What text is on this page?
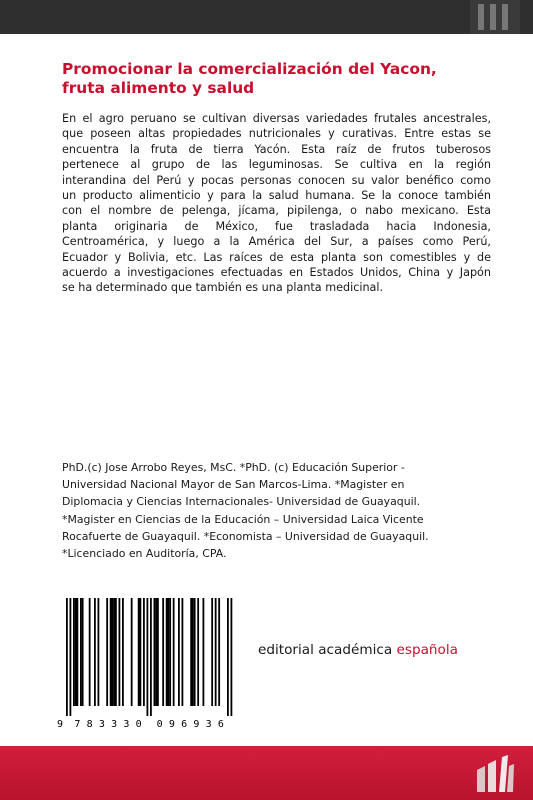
Promocionar la comercialización del Yacon,
fruta alimento y salud
En el agro peruano se cultivan diversas variedades frutales ancestrales,
que poseen altas propiedades nutricionales y curativas. Entre estas se
encuentra la fruta de tierra Yacón. Esta raíz de frutos tuberosos
pertenece al grupo de las leguminosas. Se cultiva en la región
interandina del Perú y pocas personas conocen su valor benéfico como
un producto alimenticio y para la salud humana. Se la conoce también
con el nombre de pelenga, jícama, pipilenga, o nabo mexicano. Esta
planta originaria de México, fue trasladada hacia Indonesia,
Centroamérica, y luego a la América del Sur, a países como Perú,
Ecuador y Bolivia, etc. Las raíces de esta planta son comestibles y de
acuerdo a investigaciones efectuadas en Estados Unidos, China y Japón
se ha determinado que también es una planta medicinal.
PhD.(c) Jose Arrobo Reyes, MsC. *PhD. (c) Educación Superior -
Universidad Nacional Mayor de San Marcos-Lima. *Magister en
Diplomacia y Ciencias Internacionales- Universidad de Guayaquil.
*Magister en Ciencias de la Educación – Universidad Laica Vicente
Rocafuerte de Guayaquil. *Economista – Universidad de Guayaquil.
*Licenciado en Auditoría, CPA.
9 7 8 3 3 3 0 0 9 6 9 3 6
editorial académica española
